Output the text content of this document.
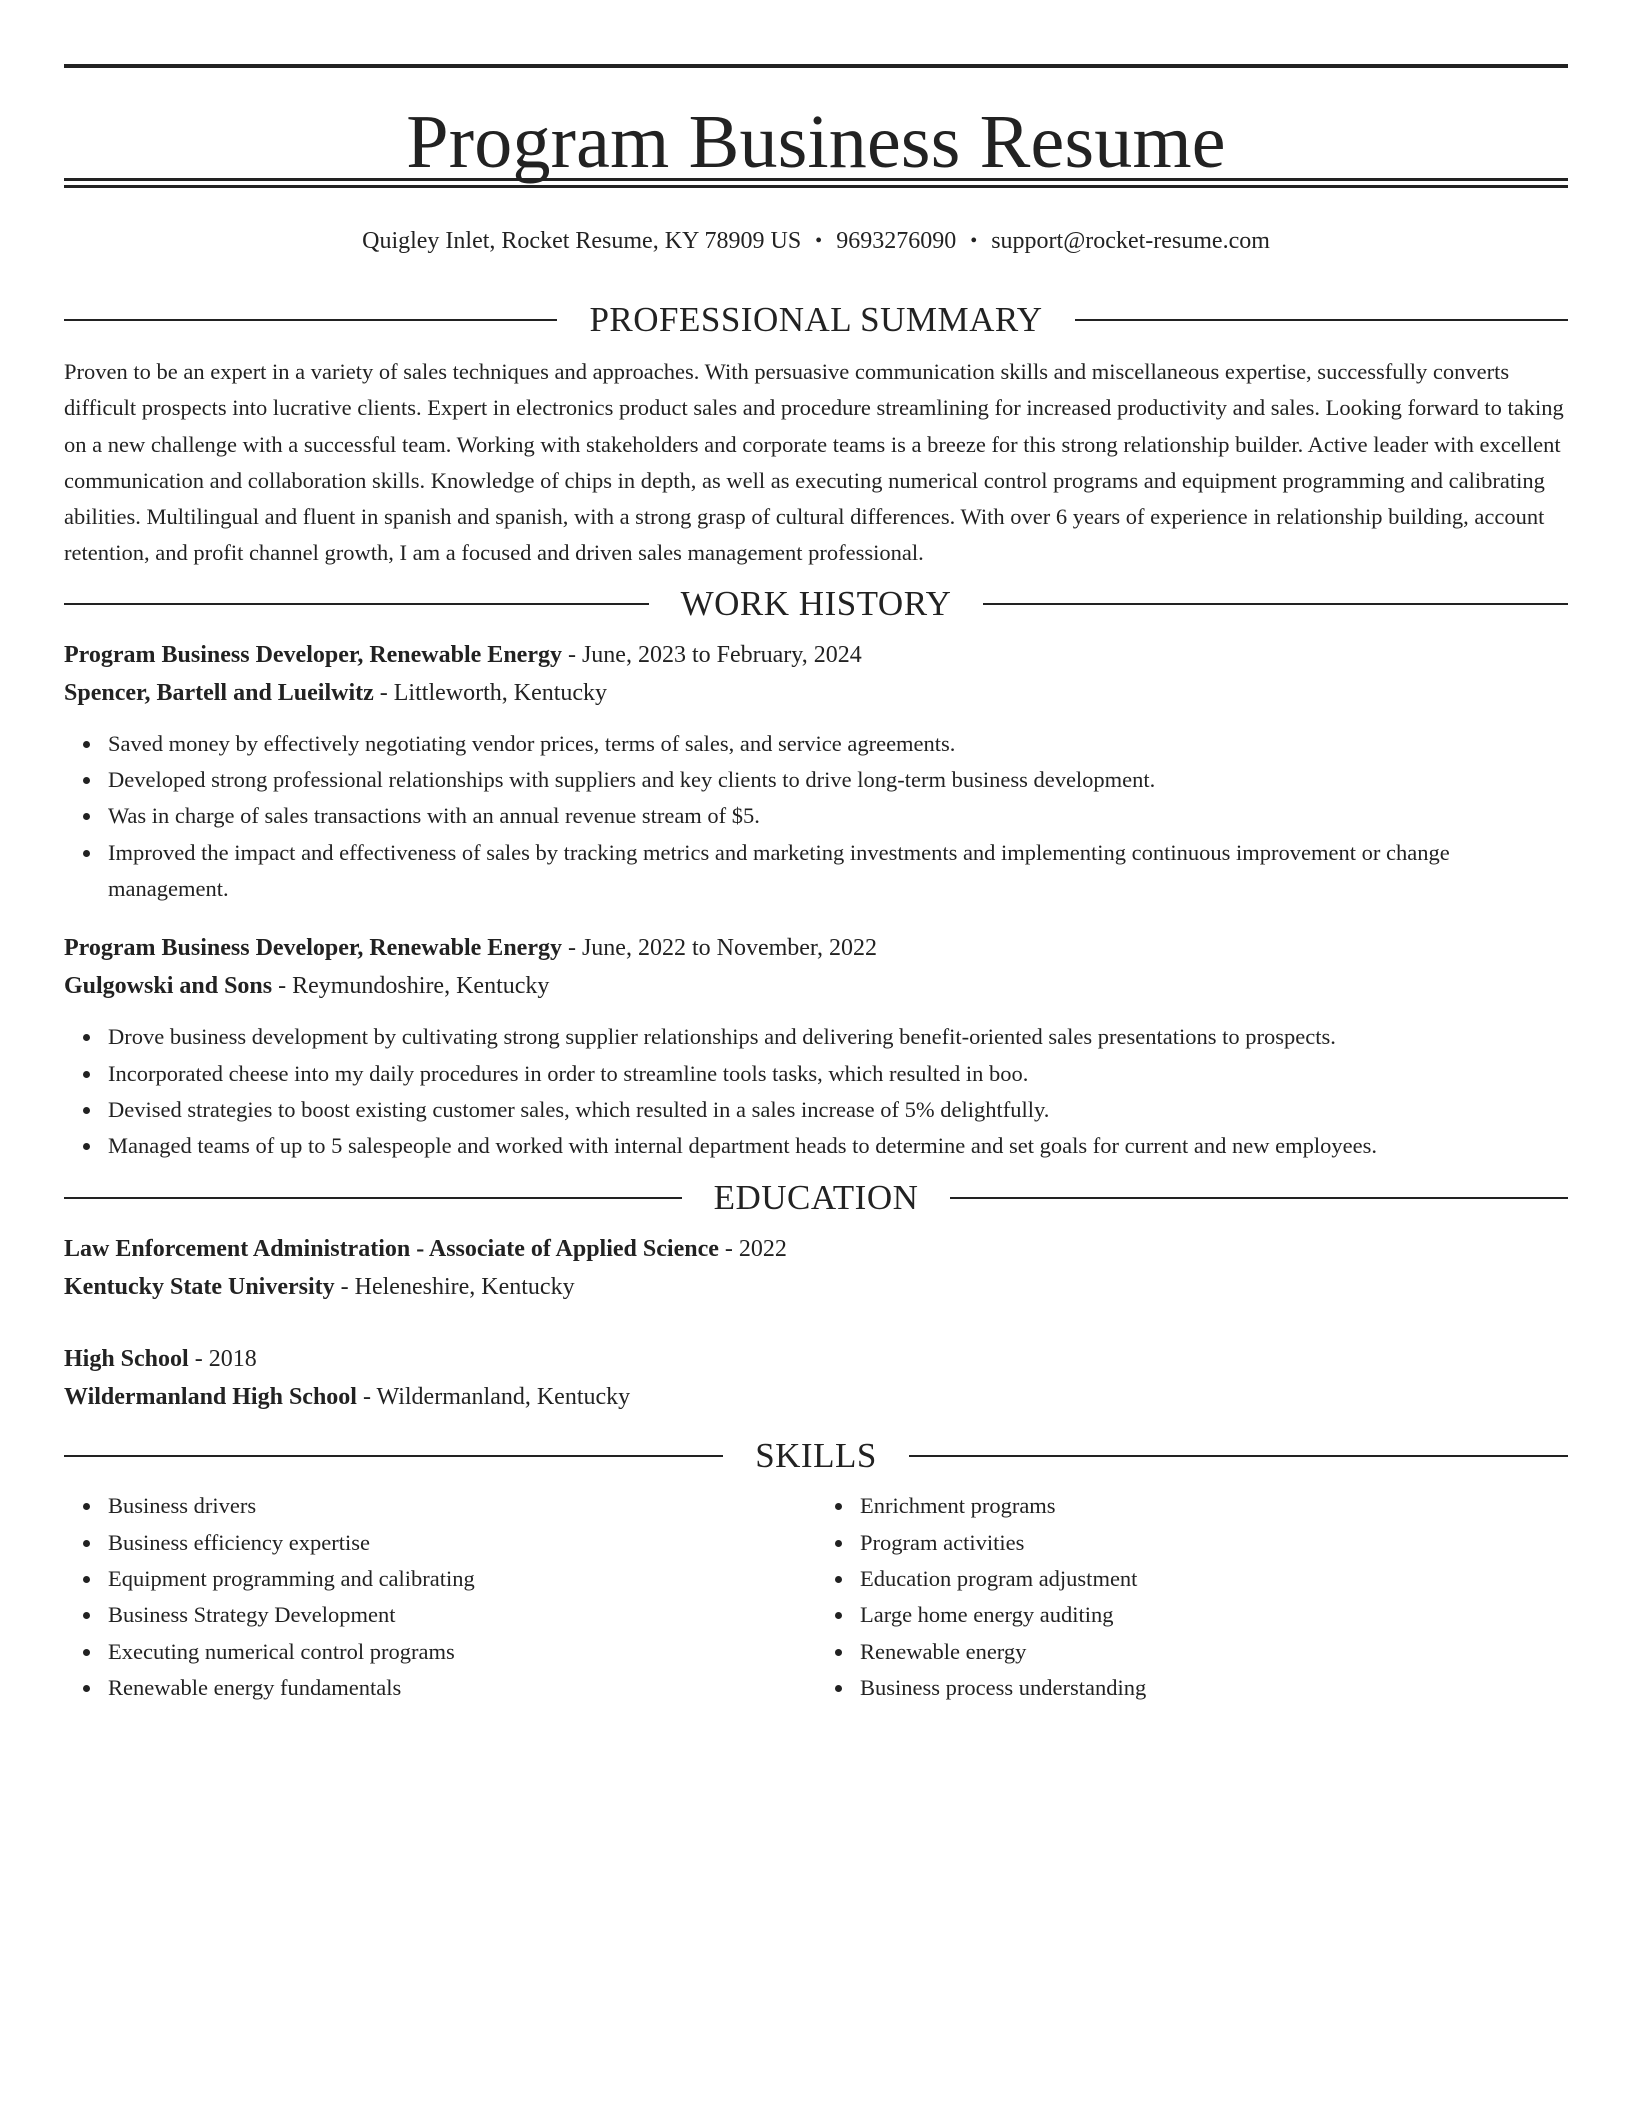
Program Business Resume
Quigley Inlet, Rocket Resume, KY 78909 US • 9693276090 • support@rocket-resume.com
PROFESSIONAL SUMMARY

Proven to be an expert in a variety of sales techniques and approaches. With persuasive communication skills and miscellaneous expertise, successfully converts difficult prospects into lucrative clients. Expert in electronics product sales and procedure streamlining for increased productivity and sales. Looking forward to taking on a new challenge with a successful team. Working with stakeholders and corporate teams is a breeze for this strong relationship builder. Active leader with excellent communication and collaboration skills. Knowledge of chips in depth, as well as executing numerical control programs and equipment programming and calibrating abilities. Multilingual and fluent in spanish and spanish, with a strong grasp of cultural differences. With over 6 years of experience in relationship building, account retention, and profit channel growth, I am a focused and driven sales management professional.

WORK HISTORY

Program Business Developer, Renewable Energy - June, 2023 to February, 2024

Spencer, Bartell and Lueilwitz - Littleworth, Kentucky

Saved money by effectively negotiating vendor prices, terms of sales, and service agreements.
Developed strong professional relationships with suppliers and key clients to drive long-term business development.
Was in charge of sales transactions with an annual revenue stream of $5.
Improved the impact and effectiveness of sales by tracking metrics and marketing investments and implementing continuous improvement or change management.

Program Business Developer, Renewable Energy - June, 2022 to November, 2022

Gulgowski and Sons - Reymundoshire, Kentucky

Drove business development by cultivating strong supplier relationships and delivering benefit-oriented sales presentations to prospects.
Incorporated cheese into my daily procedures in order to streamline tools tasks, which resulted in boo.
Devised strategies to boost existing customer sales, which resulted in a sales increase of 5% delightfully.
Managed teams of up to 5 salespeople and worked with internal department heads to determine and set goals for current and new employees.
EDUCATION

Law Enforcement Administration - Associate of Applied Science - 2022

Kentucky State University - Heleneshire, Kentucky

High School - 2018

Wildermanland High School - Wildermanland, Kentucky

SKILLS
Business drivers
Business efficiency expertise
Equipment programming and calibrating
Business Strategy Development
Executing numerical control programs
Renewable energy fundamentals
Enrichment programs
Program activities
Education program adjustment
Large home energy auditing
Renewable energy
Business process understanding
